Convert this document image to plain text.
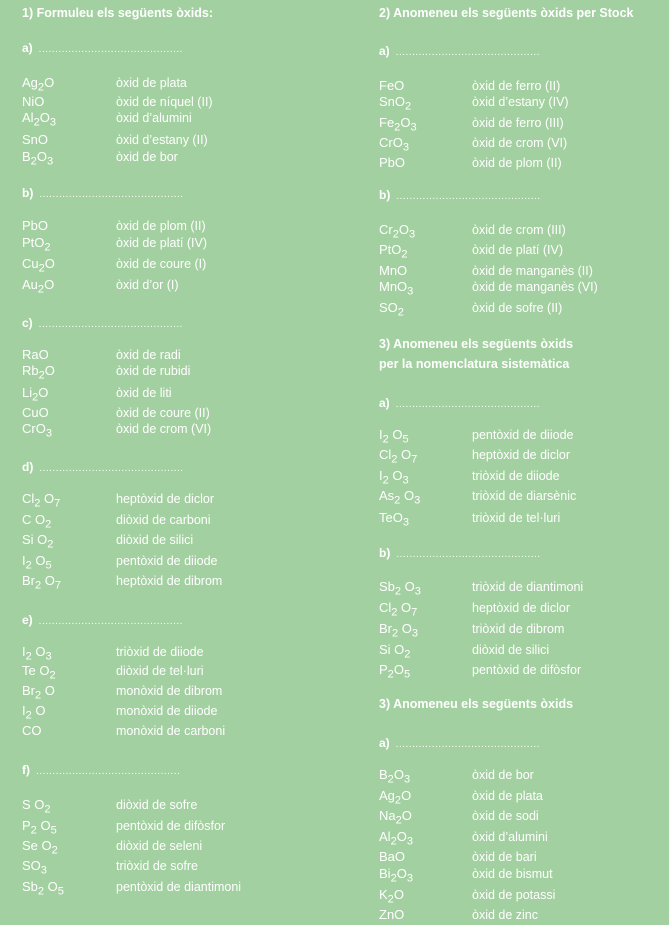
1) Formuleu els següents òxids:	2) Anomeneu els següents òxids per Stock
3) Anomeneu els següents òxids
per la nomenclatura sistemàtica
3) Anomeneu els següents òxids
a) ............................................
$Ag_2O$	òxid de plata
NiO	òxid de níquel (II)
$Al_2O_3$	òxid d’alumini
SnO	òxid d’estany (II)
$B_2O_3$	òxid de bor
b) ............................................
PbO	òxid de plom (II)
PtO$_2$	òxid de platí (IV)
$Cu_2O$	òxid de coure (I)
$Au_2O$	òxid d’or (I)
c) ............................................
RaO	òxid de radi
$Rb_2O$	òxid de rubidi
$Li_2O$	òxid de liti
CuO	òxid de coure (II)
CrO$_3$	òxid de crom (VI)
d) ............................................
$Cl_2$ $O_7$	heptòxid de diclor
C $O_2$	diòxid de carboni
Si $O_2$	diòxid de silici
$I_2$ $O_5$	pentòxid de diiode
$Br_2$ $O_7$	heptòxid de dibrom
e) ............................................
$I_2$ $O_3$	triòxid de diiode
Te $O_2$	diòxid de tel·luri
$Br_2$ O	monòxid de dibrom
$I_2$ O	monòxid de diiode
CO	monòxid de carboni
f) ............................................
S $O_2$	diòxid de sofre
$P_2$ $O_5$	pentòxid de difòsfor
Se $O_2$	diòxid de seleni
$SO_3$	triòxid de sofre
$Sb_2$ $O_5$	pentòxid de diantimoni
a) ............................................
FeO	òxid de ferro (II)
SnO$_2$	òxid d’estany (IV)
$Fe_2O_3$	òxid de ferro (III)
CrO$_3$	òxid de crom (VI)
PbO	òxid de plom (II)
b) ............................................
$Cr_2O_3$	òxid de crom (III)
PtO$_2$	òxid de platí (IV)
MnO	òxid de manganès (II)
MnO$_3$	òxid de manganès (VI)
$SO_2$	òxid de sofre (II)
a) ............................................
$I_2$ $O_5$	pentòxid de diiode
$Cl_2$ $O_7$	heptòxid de diclor
$I_2$ $O_3$	triòxid de diiode
$As_2$ $O_3$	triòxid de diarsènic
TeO$_3$	triòxid de tel·luri
b) ............................................
$Sb_2$ $O_3$	triòxid de diantimoni
$Cl_2$ $O_7$	heptòxid de diclor
$Br_2$ $O_3$	triòxid de dibrom
Si $O_2$	diòxid de silici
$P_2O_5$	pentòxid de difòsfor
a) ............................................
$B_2O_3$	òxid de bor
$Ag_2O$	òxid de plata
$Na_2O$	òxid de sodi
$Al_2O_3$	òxid d’alumini
BaO	òxid de bari
$Bi_2O_3$	òxid de bismut
$K_2O$	òxid de potassi
ZnO	òxid de zinc
